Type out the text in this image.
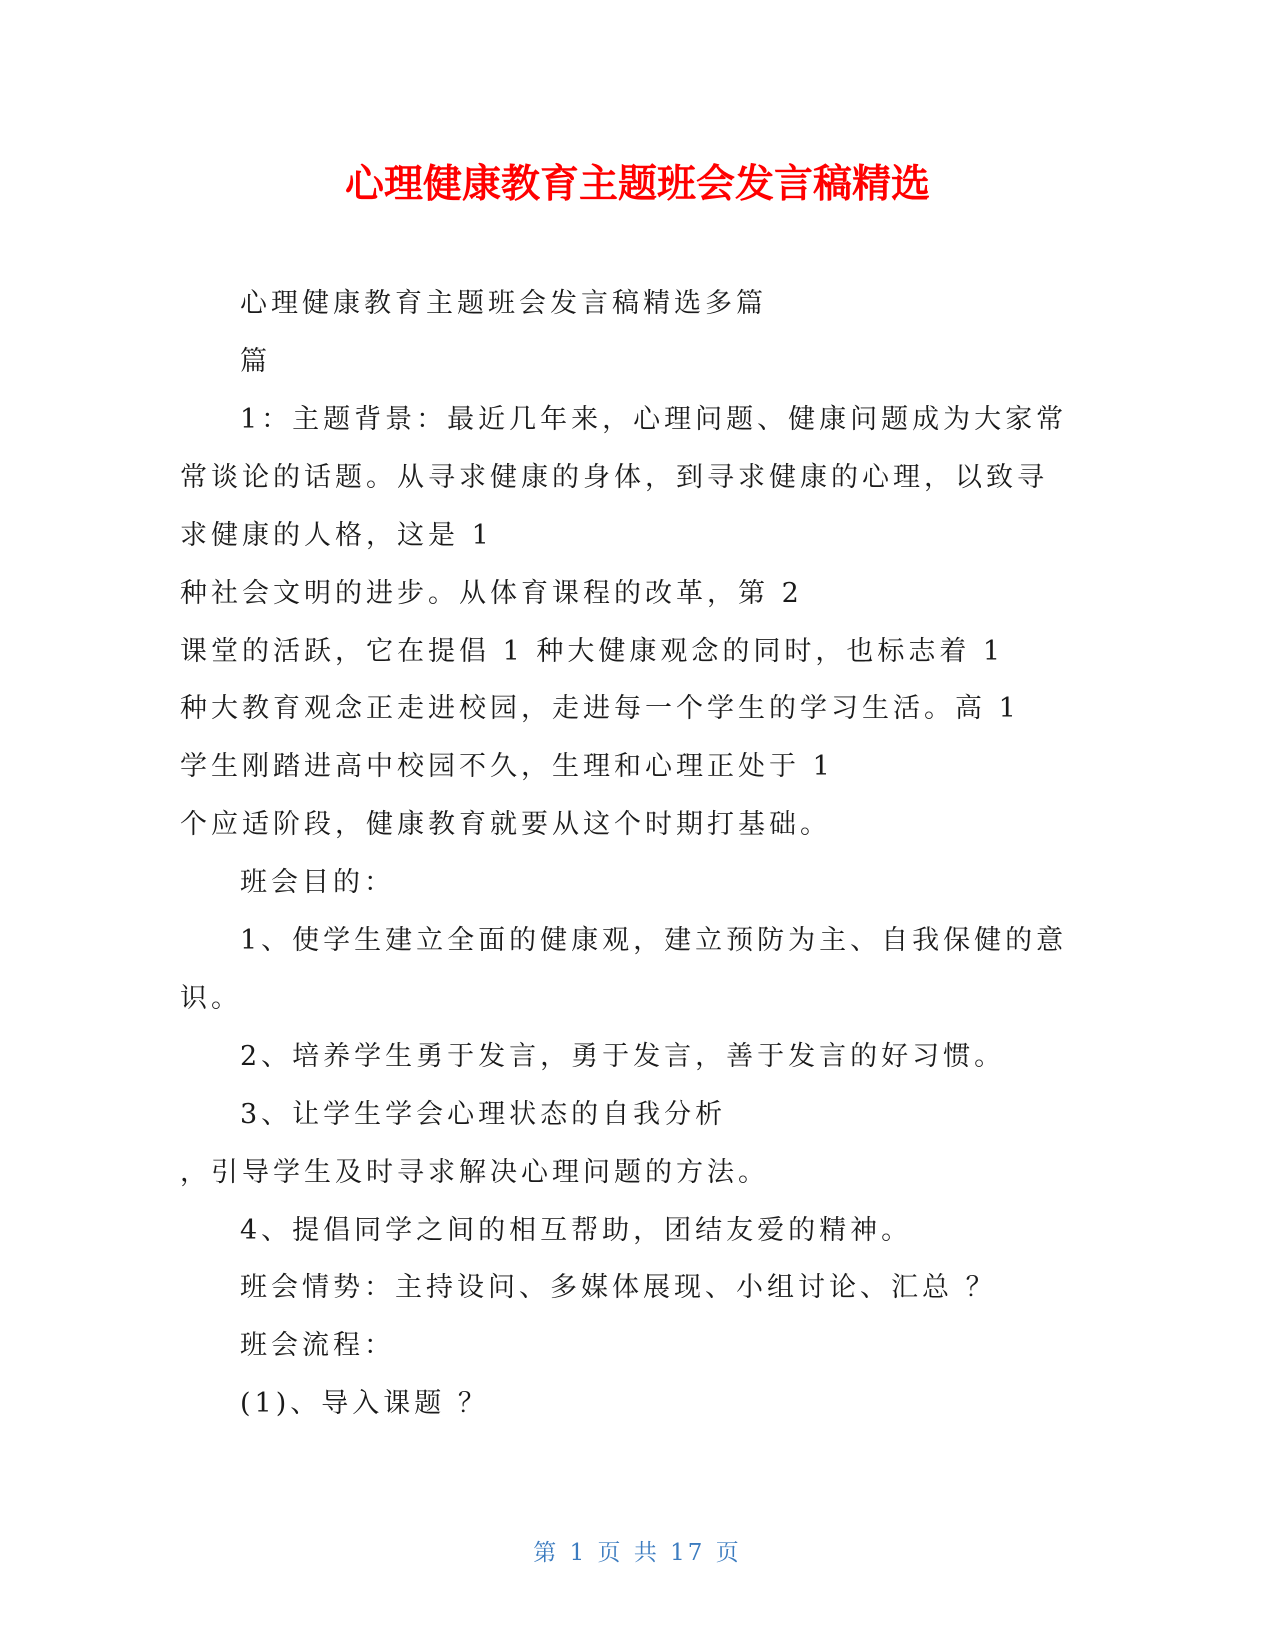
心理健康教育主题班会发言稿精选
心理健康教育主题班会发言稿精选多篇
篇
1：主题背景：最近几年来，心理问题、健康问题成为大家常
常谈论的话题。从寻求健康的身体，到寻求健康的心理，以致寻
求健康的人格，这是 1
种社会文明的进步。从体育课程的改革，第 2
课堂的活跃，它在提倡 1 种大健康观念的同时，也标志着 1
种大教育观念正走进校园，走进每一个学生的学习生活。高 1
学生刚踏进高中校园不久，生理和心理正处于 1
个应适阶段，健康教育就要从这个时期打基础。
班会目的：
1、使学生建立全面的健康观，建立预防为主、自我保健的意
识。
2、培养学生勇于发言，勇于发言，善于发言的好习惯。
3、让学生学会心理状态的自我分析
，引导学生及时寻求解决心理问题的方法。
4、提倡同学之间的相互帮助，团结友爱的精神。
班会情势：主持设问、多媒体展现、小组讨论、汇总 ？
班会流程：
(1)、导入课题 ？
第 1 页 共 17 页
